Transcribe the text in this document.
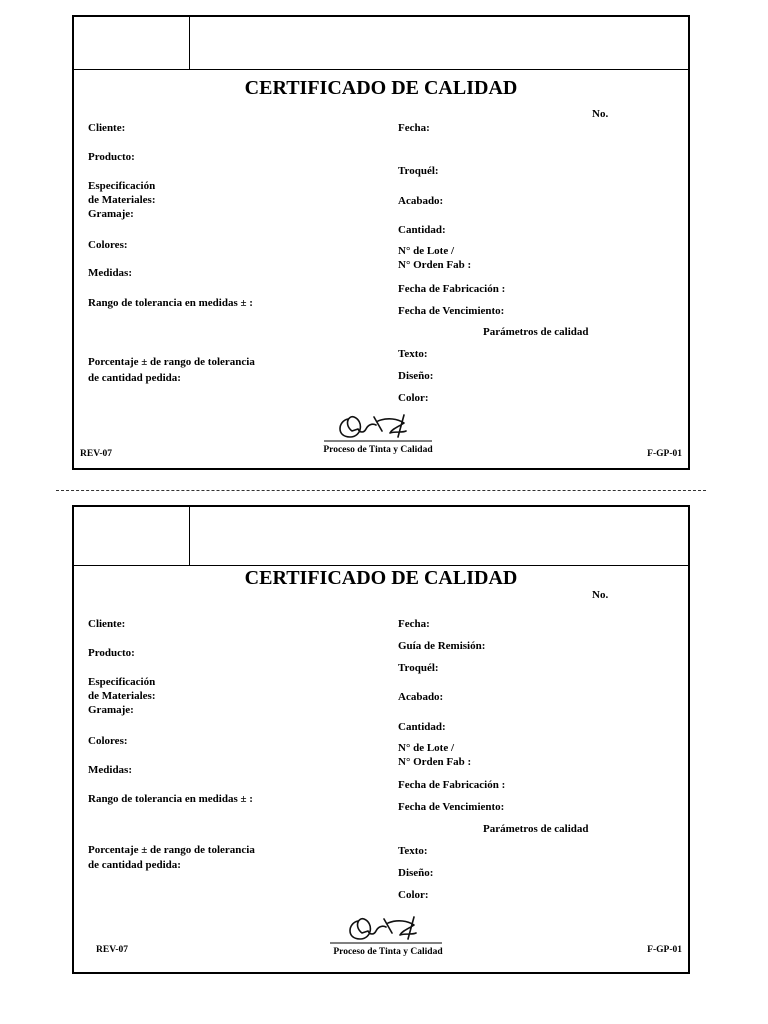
CERTIFICADO DE CALIDAD
No.
Cliente:
Producto:
Especificación
de Materiales:
Gramaje:
Colores:
Medidas:
Rango de tolerancia en medidas ± :
Porcentaje ± de rango de tolerancia
de cantidad pedida:
Fecha:
Troquél:
Acabado:
Cantidad:
N° de Lote /
N° Orden Fab :
Fecha de Fabricación :
Fecha de Vencimiento:
Parámetros de calidad
Texto:
Diseño:
Color:
Proceso de Tinta y Calidad
REV-07	F-GP-01
CERTIFICADO DE CALIDAD
No.
Cliente:
Producto:
Especificación
de Materiales:
Gramaje:
Colores:
Medidas:
Rango de tolerancia en medidas ± :
Porcentaje ± de rango de tolerancia
de cantidad pedida:
Fecha:
Guía de Remisión:
Troquél:
Acabado:
Cantidad:
N° de Lote /
N° Orden Fab :
Fecha de Fabricación :
Fecha de Vencimiento:
Parámetros de calidad
Texto:
Diseño:
Color:
Proceso de Tinta y Calidad
REV-07	F-GP-01
